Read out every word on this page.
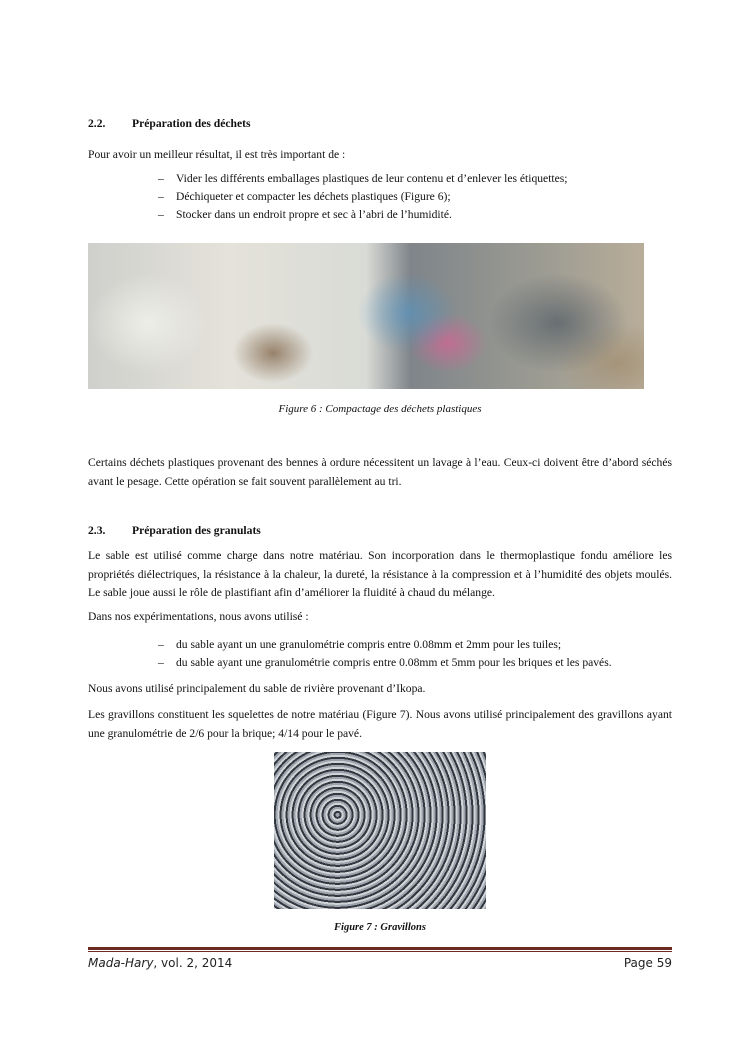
2.2. Préparation des déchets
Pour avoir un meilleur résultat, il est très important de :
– Vider les différents emballages plastiques de leur contenu et d’enlever les étiquettes;
– Déchiqueter et compacter les déchets plastiques (Figure 6);
– Stocker dans un endroit propre et sec à l’abri de l’humidité.
Figure 6 : Compactage des déchets plastiques
Certains déchets plastiques provenant des bennes à ordure nécessitent un lavage à l’eau. Ceux-ci doivent être d’abord séchés avant le pesage. Cette opération se fait souvent parallèlement au tri.
2.3. Préparation des granulats
Le sable est utilisé comme charge dans notre matériau. Son incorporation dans le thermoplastique fondu améliore les propriétés diélectriques, la résistance à la chaleur, la dureté, la résistance à la compression et à l’humidité des objets moulés. Le sable joue aussi le rôle de plastifiant afin d’améliorer la fluidité à chaud du mélange.
Dans nos expérimentations, nous avons utilisé :
– du sable ayant un une granulométrie compris entre 0.08mm et 2mm pour les tuiles;
– du sable ayant une granulométrie compris entre 0.08mm et 5mm pour les briques et les pavés.
Nous avons utilisé principalement du sable de rivière provenant d’Ikopa.
Les gravillons constituent les squelettes de notre matériau (Figure 7). Nous avons utilisé principalement des gravillons ayant une granulométrie de 2/6 pour la brique; 4/14 pour le pavé.
Figure 7 : Gravillons
Mada-Hary, vol. 2, 2014	Page 59
